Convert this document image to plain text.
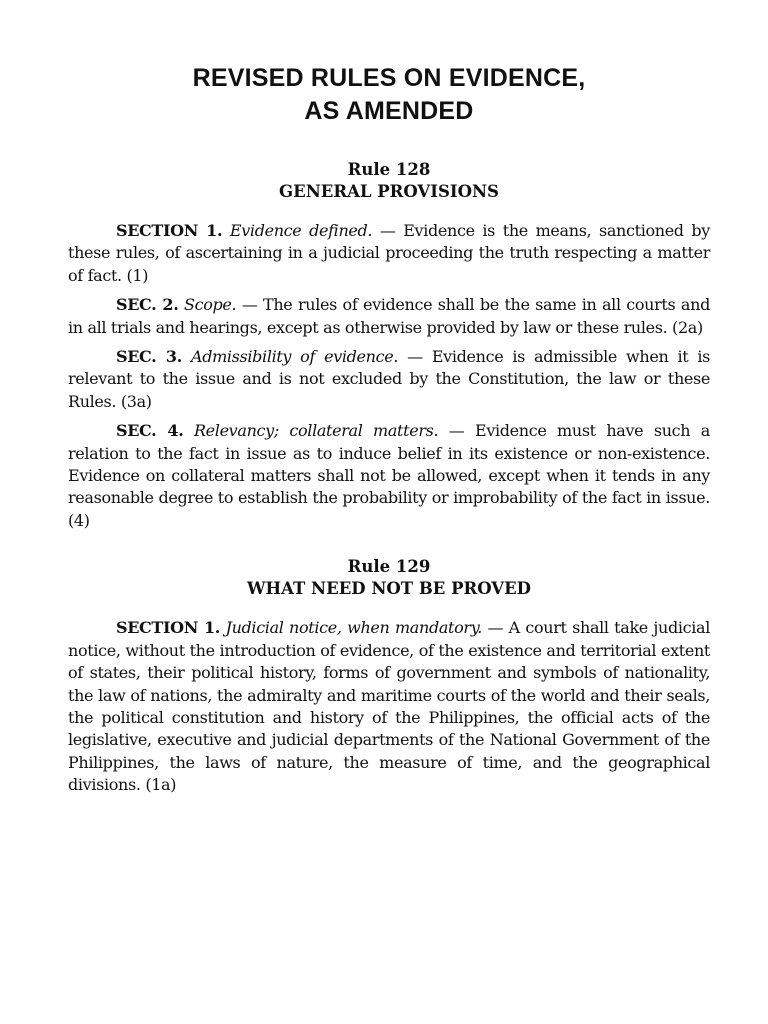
REVISED RULES ON EVIDENCE,
AS AMENDED
Rule 128
GENERAL PROVISIONS

SECTION 1. Evidence defined. — Evidence is the means, sanctioned by these rules, of ascertaining in a judicial proceeding the truth respecting a matter of fact. (1)

SEC. 2. Scope. — The rules of evidence shall be the same in all courts and in all trials and hearings, except as otherwise provided by law or these rules. (2a)

SEC. 3. Admissibility of evidence. — Evidence is admissible when it is relevant to the issue and is not excluded by the Constitution, the law or these Rules. (3a)

SEC. 4. Relevancy; collateral matters. — Evidence must have such a relation to the fact in issue as to induce belief in its existence or non-existence. Evidence on collateral matters shall not be allowed, except when it tends in any reasonable degree to establish the probability or improbability of the fact in issue. (4)

Rule 129
WHAT NEED NOT BE PROVED

SECTION 1. Judicial notice, when mandatory. — A court shall take judicial notice, without the introduction of evidence, of the existence and territorial extent of states, their political history, forms of government and symbols of nationality, the law of nations, the admiralty and maritime courts of the world and their seals, the political constitution and history of the Philippines, the official acts of the legislative, executive and judicial departments of the National Government of the Philippines, the laws of nature, the measure of time, and the geographical divisions. (1a)
